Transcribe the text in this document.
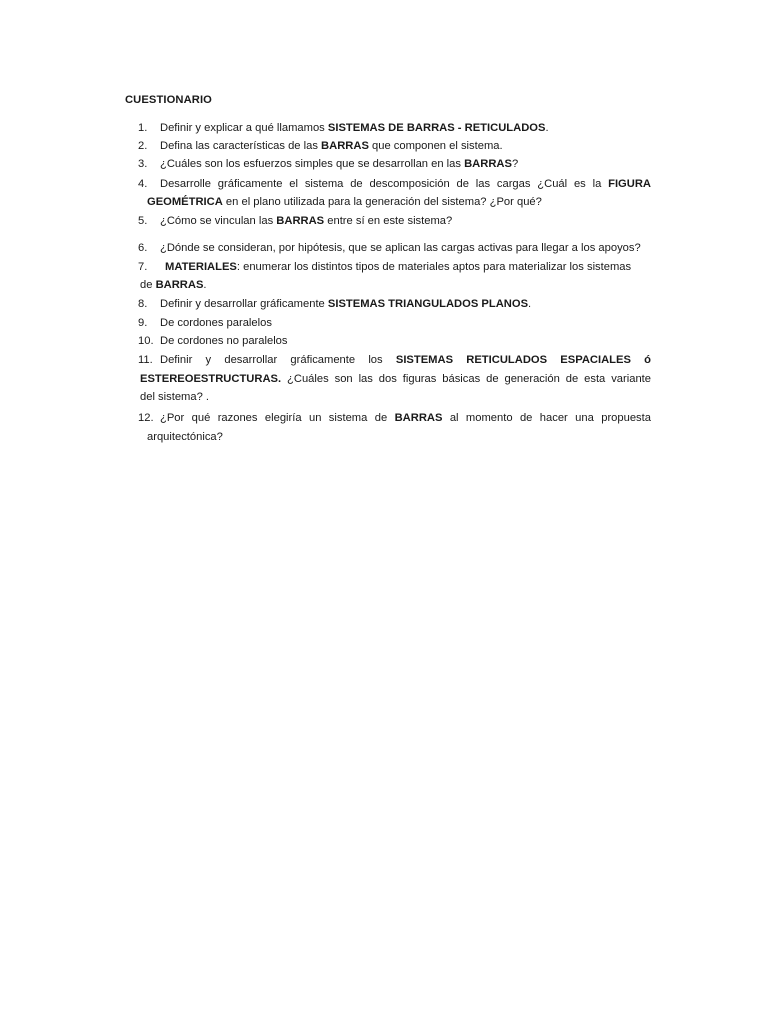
CUESTIONARIO
1. Definir y explicar a qué llamamos SISTEMAS DE BARRAS - RETICULADOS.
2. Defina las características de las BARRAS que componen el sistema.
3. ¿Cuáles son los esfuerzos simples que se desarrollan en las BARRAS?
4. Desarrolle gráficamente el sistema de descomposición de las cargas ¿Cuál es la FIGURA
GEOMÉTRICA en el plano utilizada para la generación del sistema? ¿Por qué?
5. ¿Cómo se vinculan las BARRAS entre sí en este sistema?
6. ¿Dónde se consideran, por hipótesis, que se aplican las cargas activas para llegar a los apoyos?
7. MATERIALES: enumerar los distintos tipos de materiales aptos para materializar los sistemas
de BARRAS.
8. Definir y desarrollar gráficamente SISTEMAS TRIANGULADOS PLANOS.
9. De cordones paralelos
10. De cordones no paralelos
11. Definir y desarrollar gráficamente los SISTEMAS RETICULADOS ESPACIALES ó
ESTEREOESTRUCTURAS. ¿Cuáles son las dos figuras básicas de generación de esta variante
del sistema? .
12. ¿Por qué razones elegiría un sistema de BARRAS al momento de hacer una propuesta
arquitectónica?
